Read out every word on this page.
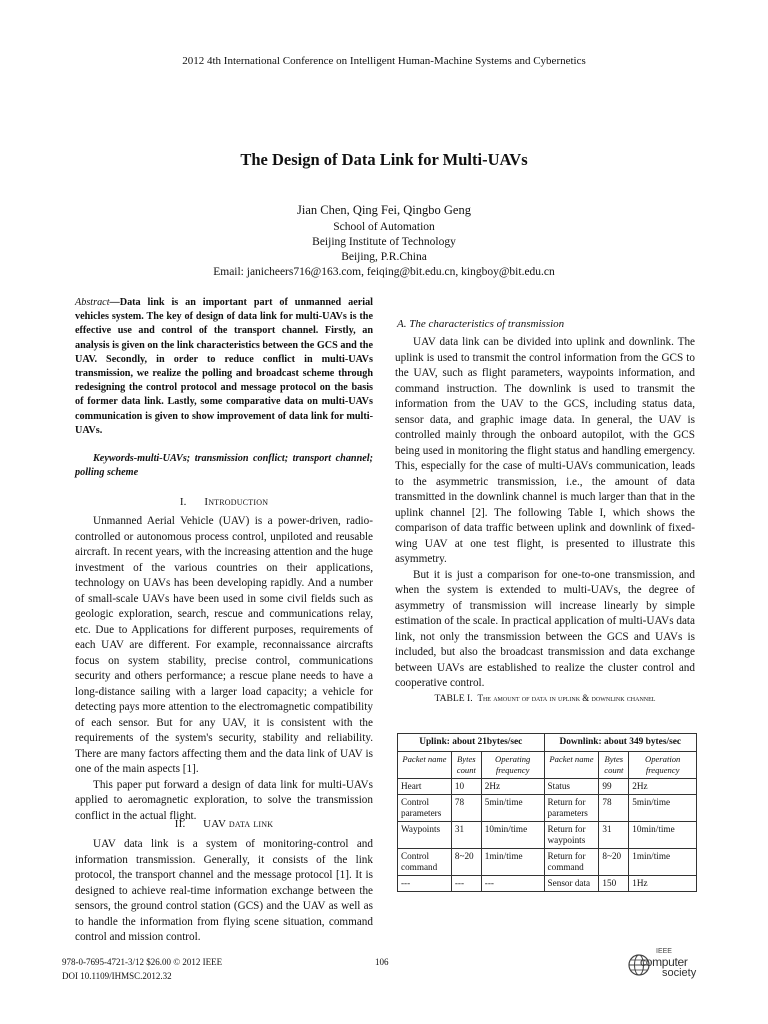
2012 4th International Conference on Intelligent Human-Machine Systems and Cybernetics
The Design of Data Link for Multi-UAVs
Jian Chen, Qing Fei, Qingbo Geng
School of Automation
Beijing Institute of Technology
Beijing, P.R.China
Email: janicheers716@163.com, feiqing@bit.edu.cn, kingboy@bit.edu.cn
Abstract—Data link is an important part of unmanned aerial vehicles system. The key of design of data link for multi-UAVs is the effective use and control of the transport channel. Firstly, an analysis is given on the link characteristics between the GCS and the UAV. Secondly, in order to reduce conflict in multi-UAVs transmission, we realize the polling and broadcast scheme through redesigning the control protocol and message protocol on the basis of former data link. Lastly, some comparative data on multi-UAVs communication is given to show improvement of data link for multi-UAVs.
Keywords-multi-UAVs; transmission conflict; transport channel; polling scheme
I. Introduction

Unmanned Aerial Vehicle (UAV) is a power-driven, radio-controlled or autonomous process control, unpiloted and reusable aircraft. In recent years, with the increasing attention and the huge investment of the various countries on their applications, technology on UAVs has been developing rapidly. And a number of small-scale UAVs have been used in some civil fields such as geologic exploration, search, rescue and communications relay, etc. Due to Applications for different purposes, requirements of each UAV are different. For example, reconnaissance aircrafts focus on system stability, precise control, communications security and others performance; a rescue plane needs to have a long-distance sailing with a larger load capacity; a vehicle for detecting pays more attention to the electromagnetic compatibility of each sensor. But for any UAV, it is consistent with the requirements of the system's security, stability and reliability. There are many factors affecting them and the data link of UAV is one of the main aspects [1].

This paper put forward a design of data link for multi-UAVs applied to aeromagnetic exploration, to solve the transmission conflict in the actual flight.

II. UAV data link

UAV data link is a system of monitoring-control and information transmission. Generally, it consists of the link protocol, the transport channel and the message protocol [1]. It is designed to achieve real-time information exchange between the sensors, the ground control station (GCS) and the UAV as well as to handle the information from flying scene situation, command control and mission control.

A. The characteristics of transmission

UAV data link can be divided into uplink and downlink. The uplink is used to transmit the control information from the GCS to the UAV, such as flight parameters, waypoints information, and command instruction. The downlink is used to transmit the information from the UAV to the GCS, including status data, sensor data, and graphic image data. In general, the UAV is controlled mainly through the onboard autopilot, with the GCS being used in monitoring the flight status and handling emergency. This, especially for the case of multi-UAVs communication, leads to the asymmetric transmission, i.e., the amount of data transmitted in the downlink channel is much larger than that in the uplink channel [2]. The following Table I, which shows the comparison of data traffic between uplink and downlink of fixed-wing UAV at one test flight, is presented to illustrate this asymmetry.

But it is just a comparison for one-to-one transmission, and when the system is extended to multi-UAVs, the degree of asymmetry of transmission will increase linearly by simple estimation of the scale. In practical application of multi-UAVs data link, not only the transmission between the GCS and UAVs is included, but also the broadcast transmission and data exchange between UAVs are established to realize the cluster control and cooperative control.

TABLE I. The amount of data in uplink & downlink channel
Uplink: about 21bytes/sec			Downlink: about 349 bytes/sec		
Packet name	Bytes count	Operating frequency	Packet name	Bytes count	Operation frequency
Heart	10	2Hz	Status	99	2Hz
Control parameters	78	5min/time	Return for parameters	78	5min/time
Waypoints	31	10min/time	Return for waypoints	31	10min/time
Control command	8~20	1min/time	Return for command	8~20	1min/time
---	---	---	Sensor data	150	1Hz
978-0-7695-4721-3/12 $26.00 © 2012 IEEE
DOI 10.1109/IHMSC.2012.32
106
IEEE
computer
society
